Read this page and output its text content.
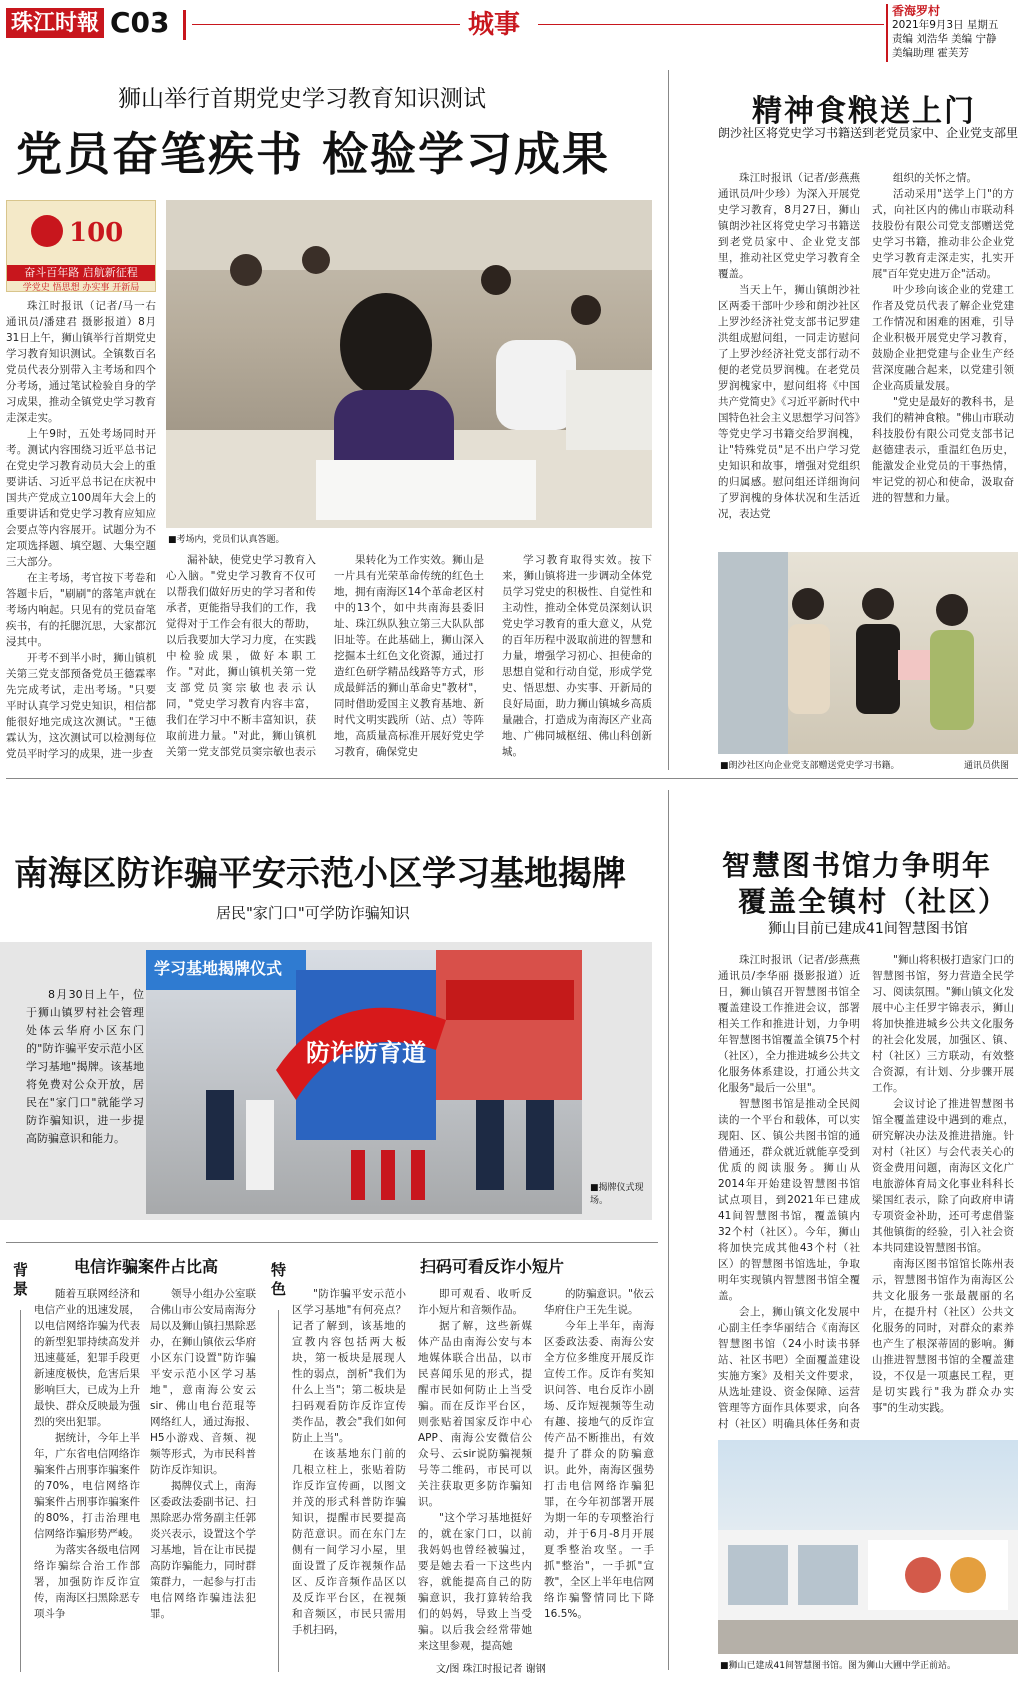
珠江时報 C03	城事	香海罗村
2021年9月3日 星期五
责编 刘浩华 美编 宁静
美编助理 霍芙芳
狮山举行首期党史学习教育知识测试
党员奋笔疾书 检验学习成果
100
奋斗百年路 启航新征程
学党史 悟思想 办实事 开新局

珠江时报讯（记者/马一右 通讯员/潘建君 摄影报道）8月31日上午，狮山镇举行首期党史学习教育知识测试。全镇数百名党员代表分别带入主考场和四个分考场，通过笔试检验自身的学习成果，推动全镇党史学习教育走深走实。

上午9时，五处考场同时开考。测试内容围绕习近平总书记在党史学习教育动员大会上的重要讲话、习近平总书记在庆祝中国共产党成立100周年大会上的重要讲话和党史学习教育应知应会要点等内容展开。试题分为不定项选择题、填空题、大集空题三大部分。

在主考场，考官按下考卷和答题卡后，"刷刷"的落笔声就在考场内响起。只见有的党员奋笔疾书，有的托腮沉思，大家都沉浸其中。

开考不到半小时，狮山镇机关第三党支部预备党员王德霖率先完成考试，走出考场。"只要平时认真学习党史知识，相信都能很好地完成这次测试。"王德霖认为，这次测试可以检测每位党员平时学习的成果，进一步查

■考场内，党员们认真答题。

漏补缺，使党史学习教育入心入脑。"党史学习教育不仅可以帮我们做好历史的学习者和传承者，更能指导我们的工作，我觉得对于工作会有很大的帮助，以后我要加大学习力度，在实践中检验成果，做好本职工作。"对此，狮山镇机关第一党支部党员窦宗敏也表示认同，"党史学习教育内容丰富，我们在学习中不断丰富知识，获取前进力量。"对此，狮山镇机关第一党支部党员窦宗敏也表示

果转化为工作实效。狮山是一片具有光荣革命传统的红色土地，拥有南海区14个革命老区村中的13个，如中共南海县委旧址、珠江纵队独立第三大队队部旧址等。在此基础上，狮山深入挖掘本土红色文化资源，通过打造红色研学精品线路等方式，形成最鲜活的狮山革命史"教材"，同时借助爱国主义教育基地、新时代文明实践所（站、点）等阵地，高质量高标准开展好党史学习教育，确保党史

学习教育取得实效。按下来，狮山镇将进一步调动全体党员学习党史的积极性、自觉性和主动性，推动全体党员深刻认识党史学习教育的重大意义，从党的百年历程中汲取前进的智慧和力量，增强学习初心、担使命的思想自觉和行动自觉，形成学党史、悟思想、办实事、开新局的良好局面，助力狮山镇城乡高质量融合，打造成为南海区产业高地、广佛同城枢纽、佛山科创新城。

精神食粮送上门
朗沙社区将党史学习书籍送到老党员家中、企业党支部里

珠江时报讯（记者/彭燕燕 通讯员/叶少珍）为深入开展党史学习教育，8月27日，狮山镇朗沙社区将党史学习书籍送到老党员家中、企业党支部里，推动社区党史学习教育全覆盖。

当天上午，狮山镇朗沙社区两委干部叶少珍和朗沙社区上罗沙经济社党支部书记罗建洪组成慰问组，一同走访慰问了上罗沙经济社党支部行动不便的老党员罗润槐。在老党员罗润槐家中，慰问组将《中国共产党简史》《习近平新时代中国特色社会主义思想学习问答》等党史学习书籍交给罗润槐，让"特殊党员"足不出户学习党史知识和故事，增强对党组织的归属感。慰问组还详细询问了罗润槐的身体状况和生活近况，表达党

组织的关怀之情。

活动采用"送学上门"的方式，向社区内的佛山市联动科技股份有限公司党支部赠送党史学习书籍，推动非公企业党史学习教育走深走实，扎实开展"百年党史进万企"活动。

叶少珍向该企业的党建工作者及党员代表了解企业党建工作情况和困难的困难，引导企业积极开展党史学习教育，鼓励企业把党建与企业生产经营深度融合起来，以党建引领企业高质量发展。

"党史是最好的教科书，是我们的精神食粮。"佛山市联动科技股份有限公司党支部书记赵德建表示，重温红色历史，能激发企业党员的干事热情，牢记党的初心和使命，汲取奋进的智慧和力量。

■朗沙社区向企业党支部赠送党史学习书籍。	通讯员供图
南海区防诈骗平安示范小区学习基地揭牌
居民"家门口"可学防诈骗知识

8月30日上午，位于狮山镇罗村社会管理处体云华府小区东门的"防诈骗平安示范小区学习基地"揭牌。该基地将免费对公众开放，居民在"家门口"就能学习防诈骗知识，进一步提高防骗意识和能力。

学习基地揭牌仪式
防诈防育道
■揭牌仪式现场。
背景	电信诈骗案件占比高

随着互联网经济和电信产业的迅速发展，以电信网络诈骗为代表的新型犯罪持续高发并迅速蔓延，犯罪手段更新速度极快，危害后果影响巨大，已成为上升最快、群众反映最为强烈的突出犯罪。

据统计，今年上半年，广东省电信网络诈骗案件占刑事诈骗案件的70%，电信网络诈骗案件占刑事诈骗案件的80%，打击治理电信网络诈骗形势严峻。

为落实各级电信网络诈骗综合治工作部署，加强防诈反诈宣传，南海区扫黑除恶专项斗争

领导小组办公室联合佛山市公安局南海分局以及狮山镇扫黑除恶办，在狮山镇依云华府小区东门设置"防诈骗平安示范小区学习基地"，意南海公安云sir、佛山电台范琨等网络红人，通过海报、H5小游戏、音频、视频等形式，为市民科普防诈反诈知识。

揭牌仪式上，南海区委政法委副书记、扫黑除恶办常务副主任郭炎兴表示，设置这个学习基地，旨在让市民提高防诈骗能力，同时群策群力，一起参与打击电信网络诈骗违法犯罪。

特色	扫码可看反诈小短片

"防诈骗平安示范小区学习基地"有何亮点？记者了解到，该基地的宣教内容包括两大板块，第一板块是展现人性的弱点，剖析"我们为什么上当"；第二板块是扫码观看防诈反诈宣传类作品，教会"我们如何防止上当"。

在该基地东门前的几根立柱上，张贴着防诈反诈宣传画，以图文并茂的形式科普防诈骗知识，提醒市民要提高防范意识。而在东门左侧有一间学习小屋，里面设置了反诈视频作品区、反诈音频作品区以及反诈平台区，在视频和音频区，市民只需用手机扫码，

即可观看、收听反诈小短片和音频作品。

据了解，这些新媒体产品由南海公安与本地媒体联合出品，以市民喜闻乐见的形式，提醒市民如何防止上当受骗。而在反诈平台区，则张贴着国家反诈中心APP、南海公安微信公众号、云sir说防骗视频号等二维码，市民可以关注获取更多防诈骗知识。

"这个学习基地挺好的，就在家门口，以前我妈妈也曾经被骗过，要是她去看一下这些内容，就能提高自己的防骗意识，我打算转给我们的妈妈，导致上当受骗。以后我会经常带她来这里参观，提高她

的防骗意识。"依云华府住户王先生说。

今年上半年，南海区委政法委、南海公安全方位多维度开展反诈宣传工作。反诈有奖知识问答、电台反诈小剧场、反诈短视频等生动有趣、接地气的反诈宣传产品不断推出，有效提升了群众的防骗意识。此外，南海区强势打击电信网络诈骗犯罪，在今年初部署开展为期一年的专项整治行动，并于6月-8月开展夏季整治攻坚。一手抓"整治"，一手抓"宣教"，全区上半年电信网络诈骗警情同比下降16.5%。

文/图 珠江时报记者 谢钢
智慧图书馆力争明年
覆盖全镇村（社区）
狮山目前已建成41间智慧图书馆

珠江时报讯（记者/彭燕燕 通讯员/李华丽 摄影报道）近日，狮山镇召开智慧图书馆全覆盖建设工作推进会议，部署相关工作和推进计划，力争明年智慧图书馆覆盖全镇75个村（社区），全力推进城乡公共文化服务体系建设，打通公共文化服务"最后一公里"。

智慧图书馆是推动全民阅读的一个平台和载体，可以实现阳、区、镇公共图书馆的通借通还，群众就近就能享受到优质的阅读服务。狮山从2014年开始建设智慧图书馆试点项目，到2021年已建成41间智慧图书馆，覆盖镇内32个村（社区）。今年，狮山将加快完成其他43个村（社区）的智慧图书馆选址，争取明年实现镇内智慧图书馆全覆盖。

会上，狮山镇文化发展中心副主任李华丽结合《南海区智慧图书馆（24小时读书驿站、社区书吧）全面覆盖建设实施方案》及相关文件要求，从选址建设、资金保障、运营管理等方面作具体要求，向各村（社区）明确具体任务和责

"狮山将积极打造家门口的智慧图书馆，努力营造全民学习、阅读氛围。"狮山镇文化发展中心主任罗宇锦表示，狮山将加快推进城乡公共文化服务的社会化发展，加强区、镇、村（社区）三方联动，有效整合资源，有计划、分步骤开展工作。

会议讨论了推进智慧图书馆全覆盖建设中遇到的难点，研究解决办法及推进措施。针对村（社区）与会代表关心的资金费用问题，南海区文化广电旅游体育局文化事业科科长梁国红表示，除了向政府申请专项资金补助，还可考虑借鉴其他镇街的经验，引入社会资本共同建设智慧图书馆。

南海区图书馆馆长陈州表示，智慧图书馆作为南海区公共文化服务一张最靓丽的名片，在提升村（社区）公共文化服务的同时，对群众的素养也产生了根深蒂固的影响。狮山推进智慧图书馆的全覆盖建设，不仅是一项惠民工程，更是切实践行"我为群众办实事"的生动实践。

■狮山已建成41间智慧图书馆。图为狮山大圃中学正前站。
